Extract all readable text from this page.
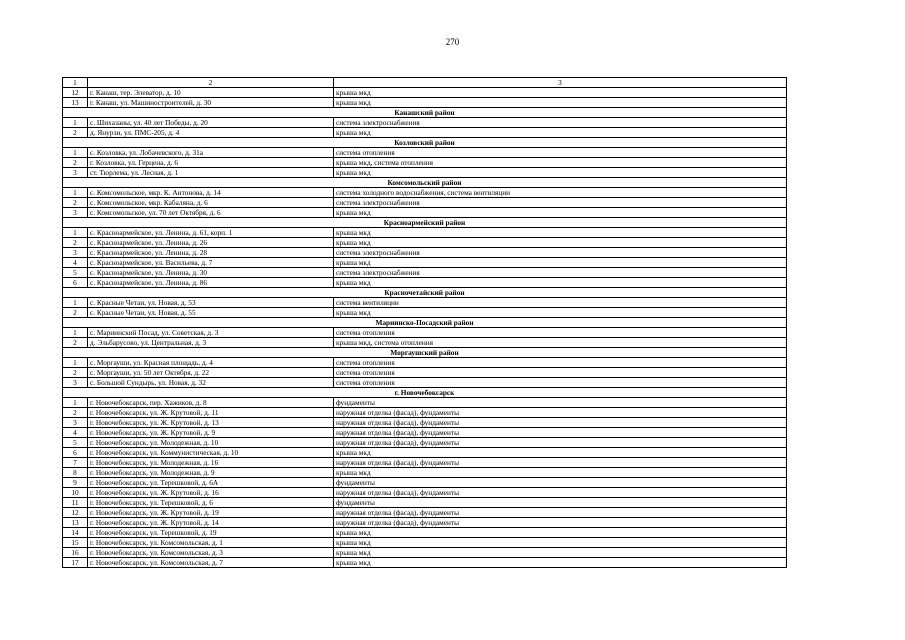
270
1	2	3
12	г. Канаш, тер. Элеватор, д. 10	крыша мкд
13	г. Канаш, ул. Машиностроителей, д. 30	крыша мкд
Канашский район		
1	с. Шихазаны, ул. 40 лет Победы, д. 20	система электроснабжения
2	д. Янурзи, ул. ПМС-205, д. 4	крыша мкд
Козловский район		
1	с. Козловка, ул. Лобачевского, д. 31а	система отопления
2	г. Козловка, ул. Герцена, д. 6	крыша мкд, система отопления
3	ст. Тюрлема, ул. Лесная, д. 1	крыша мкд
Комсомольский район		
1	с. Комсомольское, мкр. К. Антонова, д. 14	система холодного водоснабжения, система вентиляции
2	с. Комсомольское, мкр. Кабаляна, д. 6	система электроснабжения
3	с. Комсомольское, ул. 70 лет Октября, д. 6	крыша мкд
Красноармейский район		
1	с. Красноармейское, ул. Ленина, д. 61, корп. 1	крыша мкд
2	с. Красноармейское, ул. Ленина, д. 26	крыша мкд
3	с. Красноармейское, ул. Ленина, д. 28	система электроснабжения
4	с. Красноармейское, ул. Васильева, д. 7	крыша мкд
5	с. Красноармейское, ул. Ленина, д. 30	система электроснабжения
6	с. Красноармейское, ул. Ленина, д. 86	крыша мкд
Красночетайский район		
1	с. Красные Четаи, ул. Новая, д. 53	система вентиляции
2	с. Красные Четаи, ул. Новая, д. 55	крыша мкд
Мариинско-Посадский район		
1	с. Мариинский Посад, ул. Советская, д. 3	система отопления
2	д. Эльбарусово, ул. Центральная, д. 3	крыша мкд, система отопления
Моргаушский район		
1	с. Моргауши, ул. Красная площадь, д. 4	система отопления
2	с. Моргауши, ул. 50 лет Октября, д. 22	система отопления
3	с. Большой Сундырь, ул. Новая, д. 32	система отопления
г. Новочебоксарск		
1	г. Новочебоксарск, пер. Хажиков, д. 8	фундаменты
2	г. Новочебоксарск, ул. Ж. Крутовой, д. 11	наружная отделка (фасад), фундаменты
3	г. Новочебоксарск, ул. Ж. Крутовой, д. 13	наружная отделка (фасад), фундаменты
4	г. Новочебоксарск, ул. Ж. Крутовой, д. 9	наружная отделка (фасад), фундаменты
5	г. Новочебоксарск, ул. Молодежная, д. 10	наружная отделка (фасад), фундаменты
6	г. Новочебоксарск, ул. Коммунистическая, д. 10	крыша мкд
7	г. Новочебоксарск, ул. Молодежная, д. 16	наружная отделка (фасад), фундаменты
8	г. Новочебоксарск, ул. Молодежная, д. 9	крыша мкд
9	г. Новочебоксарск, ул. Терешковой, д. 6А	фундаменты
10	г. Новочебоксарск, ул. Ж. Крутовой, д. 16	наружная отделка (фасад), фундаменты
11	г. Новочебоксарск, ул. Терешковой, д. 6	фундаменты
12	г. Новочебоксарск, ул. Ж. Крутовой, д. 19	наружная отделка (фасад), фундаменты
13	г. Новочебоксарск, ул. Ж. Крутовой, д. 14	наружная отделка (фасад), фундаменты
14	г. Новочебоксарск, ул. Терешковой, д. 19	крыша мкд
15	г. Новочебоксарск, ул. Комсомольская, д. 1	крыша мкд
16	г. Новочебоксарск, ул. Комсомольская, д. 3	крыша мкд
17	г. Новочебоксарск, ул. Комсомольская, д. 7	крыша мкд
